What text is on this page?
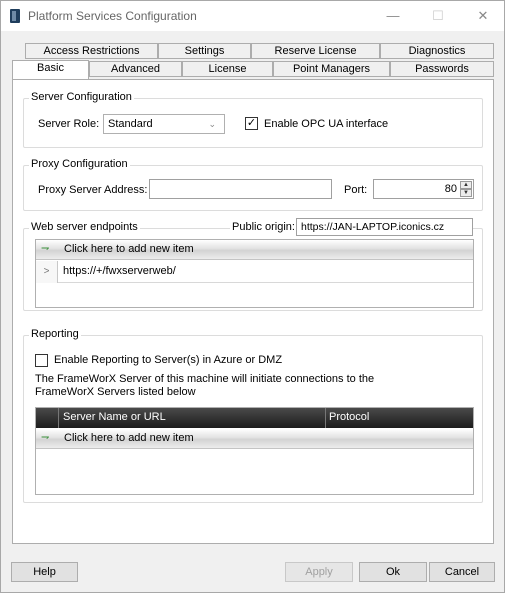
Platform Services Configuration	—	☐	✕
Access Restrictions	Settings	Reserve License	Diagnostics
Basic	Advanced	License	Point Managers	Passwords
Server Configuration
Server Role: Standard	⌄	✓ Enable OPC UA interface
Proxy Configuration
Proxy Server Address:	Port:	80	▲
▼
Web server endpoints	Public origin: https://JAN-LAPTOP.iconics.cz
⇁	Click here to add new item
>	https://+/fwxserverweb/
Reporting
Enable Reporting to Server(s) in Azure or DMZ
The FrameWorX Server of this machine will initiate connections to the FrameWorX Servers listed below
Server Name or URL	Protocol
⇁	Click here to add new item
Help	Apply	Ok	Cancel
